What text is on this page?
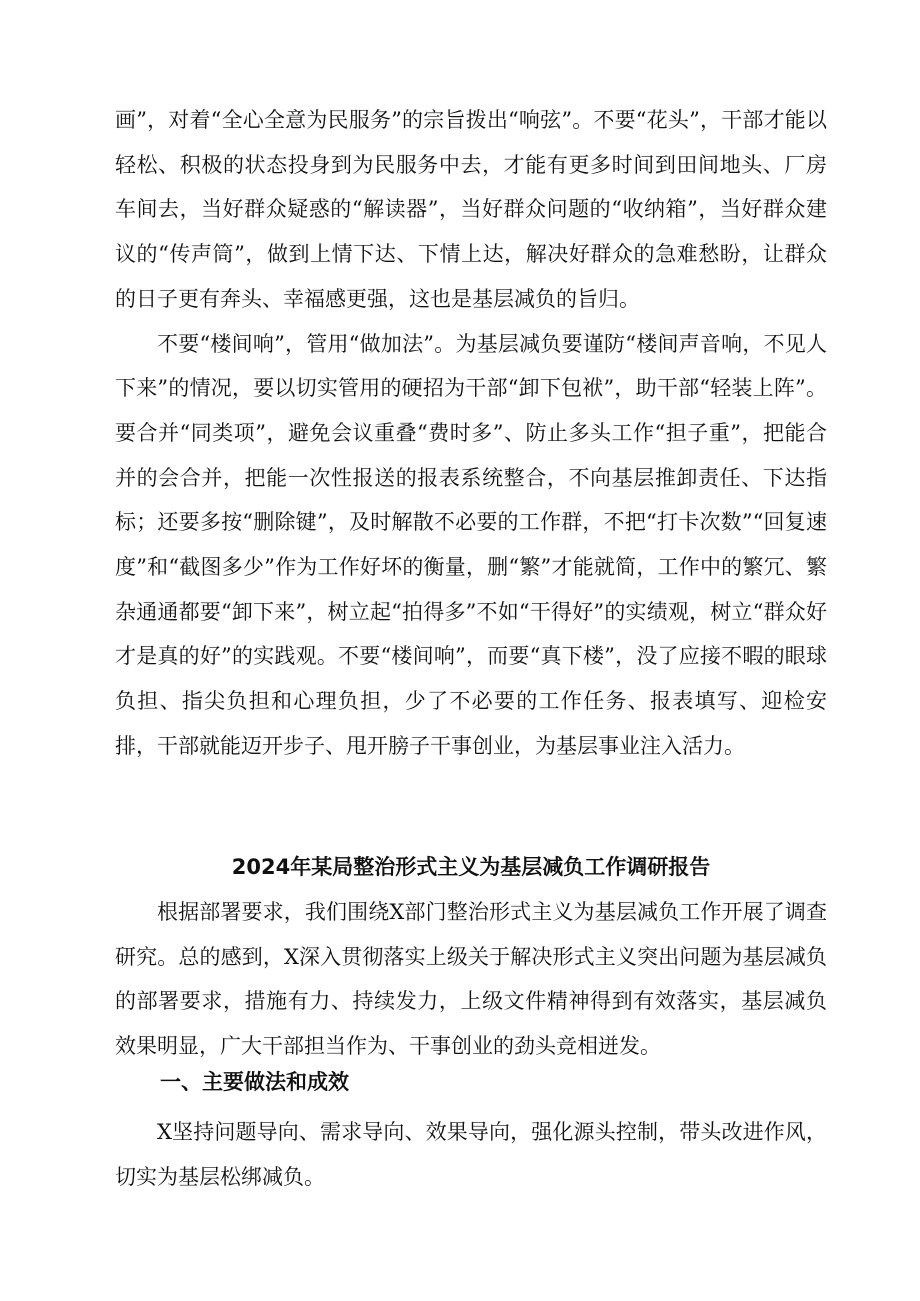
画”，对着“全心全意为民服务”的宗旨拨出“响弦”。不要“花头”，干部才能以轻松、积极的状态投身到为民服务中去，才能有更多时间到田间地头、厂房车间去，当好群众疑惑的“解读器”，当好群众问题的“收纳箱”，当好群众建议的“传声筒”，做到上情下达、下情上达，解决好群众的急难愁盼，让群众的日子更有奔头、幸福感更强，这也是基层减负的旨归。

不要“楼间响”，管用“做加法”。为基层减负要谨防“楼间声音响，不见人下来”的情况，要以切实管用的硬招为干部“卸下包袱”，助干部“轻装上阵”。要合并“同类项”，避免会议重叠“费时多”、防止多头工作“担子重”，把能合并的会合并，把能一次性报送的报表系统整合，不向基层推卸责任、下达指标；还要多按“删除键”，及时解散不必要的工作群，不把“打卡次数”“回复速度”和“截图多少”作为工作好坏的衡量，删“繁”才能就简，工作中的繁冗、繁杂通通都要“卸下来”，树立起“拍得多”不如“干得好”的实绩观，树立“群众好才是真的好”的实践观。不要“楼间响”，而要“真下楼”，没了应接不暇的眼球负担、指尖负担和心理负担，少了不必要的工作任务、报表填写、迎检安排，干部就能迈开步子、甩开膀子干事创业，为基层事业注入活力。

2024年某局整治形式主义为基层减负工作调研报告

根据部署要求，我们围绕X部门整治形式主义为基层减负工作开展了调查研究。总的感到，X深入贯彻落实上级关于解决形式主义突出问题为基层减负的部署要求，措施有力、持续发力，上级文件精神得到有效落实，基层减负效果明显，广大干部担当作为、干事创业的劲头竞相迸发。

一、主要做法和成效

X坚持问题导向、需求导向、效果导向，强化源头控制，带头改进作风，切实为基层松绑减负。
